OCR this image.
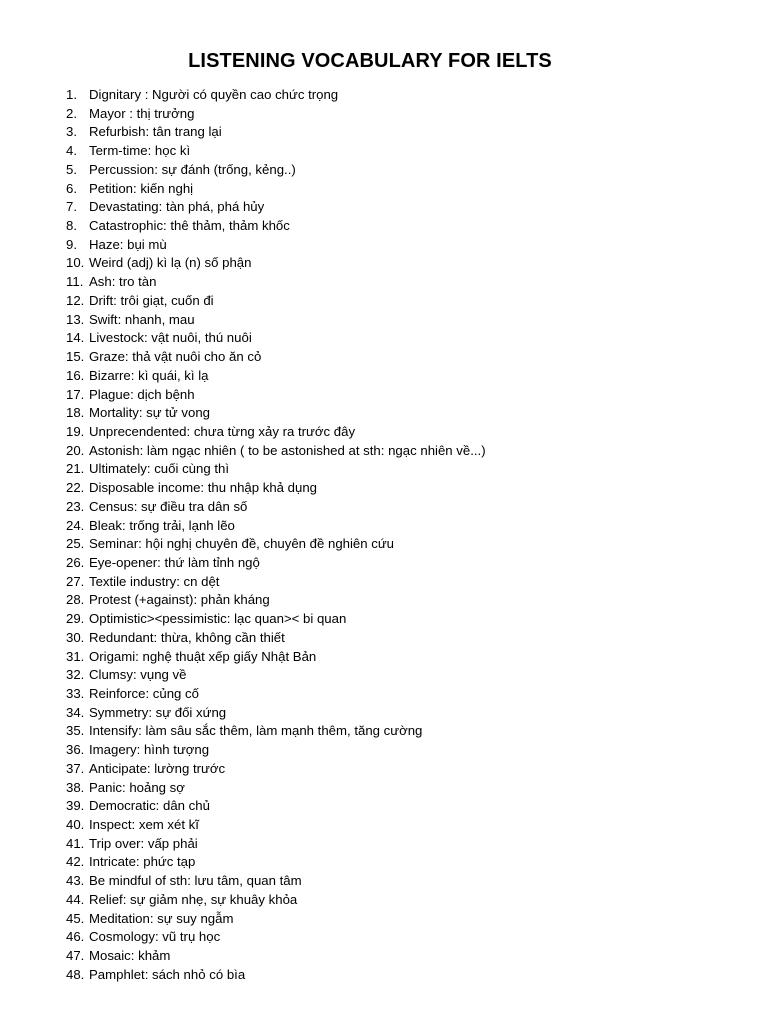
LISTENING VOCABULARY FOR IELTS
1. Dignitary : Người có quyền cao chức trọng
2. Mayor : thị trưởng
3. Refurbish: tân trang lại
4. Term-time: học kì
5. Percussion: sự đánh (trống, kẻng..)
6. Petition: kiến nghị
7. Devastating: tàn phá, phá hủy
8. Catastrophic: thê thảm, thảm khốc
9. Haze: bụi mù
10. Weird (adj) kì lạ (n) số phận
11. Ash: tro tàn
12. Drift: trôi giạt, cuốn đi
13. Swift: nhanh, mau
14. Livestock: vật nuôi, thú nuôi
15. Graze: thả vật nuôi cho ăn cỏ
16. Bizarre: kì quái, kì lạ
17. Plague: dịch bệnh
18. Mortality: sự tử vong
19. Unprecendented: chưa từng xảy ra trước đây
20. Astonish: làm ngạc nhiên ( to be astonished at sth: ngạc nhiên về...)
21. Ultimately: cuối cùng thì
22. Disposable income: thu nhập khả dụng
23. Census: sự điều tra dân số
24. Bleak: trống trải, lạnh lẽo
25. Seminar: hội nghị chuyên đề, chuyên đề nghiên cứu
26. Eye-opener: thứ làm tỉnh ngộ
27. Textile industry: cn dệt
28. Protest (+against): phản kháng
29. Optimistic><pessimistic: lạc quan>< bi quan
30. Redundant: thừa, không cần thiết
31. Origami: nghệ thuật xếp giấy Nhật Bản
32. Clumsy: vụng về
33. Reinforce: củng cố
34. Symmetry: sự đối xứng
35. Intensify: làm sâu sắc thêm, làm mạnh thêm, tăng cường
36. Imagery: hình tượng
37. Anticipate: lường trước
38. Panic: hoảng sợ
39. Democratic: dân chủ
40. Inspect: xem xét kĩ
41. Trip over: vấp phải
42. Intricate: phức tạp
43. Be mindful of sth: lưu tâm, quan tâm
44. Relief: sự giảm nhẹ, sự khuây khỏa
45. Meditation: sự suy ngẫm
46. Cosmology: vũ trụ học
47. Mosaic: khảm
48. Pamphlet: sách nhỏ có bìa
